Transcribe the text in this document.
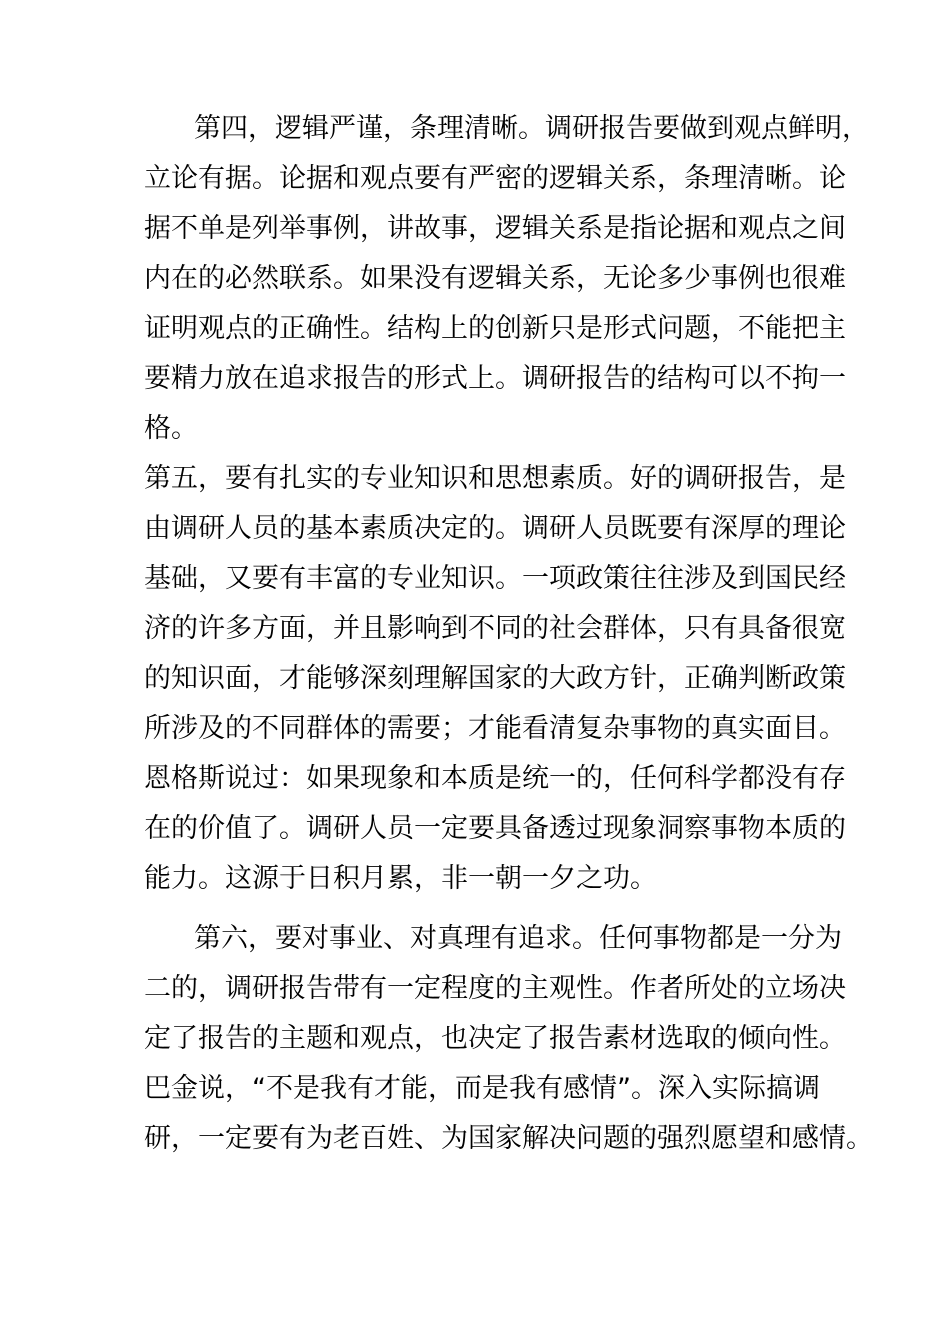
第四，逻辑严谨，条理清晰。调研报告要做到观点鲜明，
立论有据。论据和观点要有严密的逻辑关系，条理清晰。论
据不单是列举事例，讲故事，逻辑关系是指论据和观点之间
内在的必然联系。如果没有逻辑关系，无论多少事例也很难
证明观点的正确性。结构上的创新只是形式问题，不能把主
要精力放在追求报告的形式上。调研报告的结构可以不拘一
格。
第五，要有扎实的专业知识和思想素质。好的调研报告，是
由调研人员的基本素质决定的。调研人员既要有深厚的理论
基础，又要有丰富的专业知识。一项政策往往涉及到国民经
济的许多方面，并且影响到不同的社会群体，只有具备很宽
的知识面，才能够深刻理解国家的大政方针，正确判断政策
所涉及的不同群体的需要；才能看清复杂事物的真实面目。
恩格斯说过：如果现象和本质是统一的，任何科学都没有存
在的价值了。调研人员一定要具备透过现象洞察事物本质的
能力。这源于日积月累，非一朝一夕之功。
第六，要对事业、对真理有追求。任何事物都是一分为
二的，调研报告带有一定程度的主观性。作者所处的立场决
定了报告的主题和观点，也决定了报告素材选取的倾向性。
巴金说，“不是我有才能，而是我有感情”。深入实际搞调
研，一定要有为老百姓、为国家解决问题的强烈愿望和感情。
